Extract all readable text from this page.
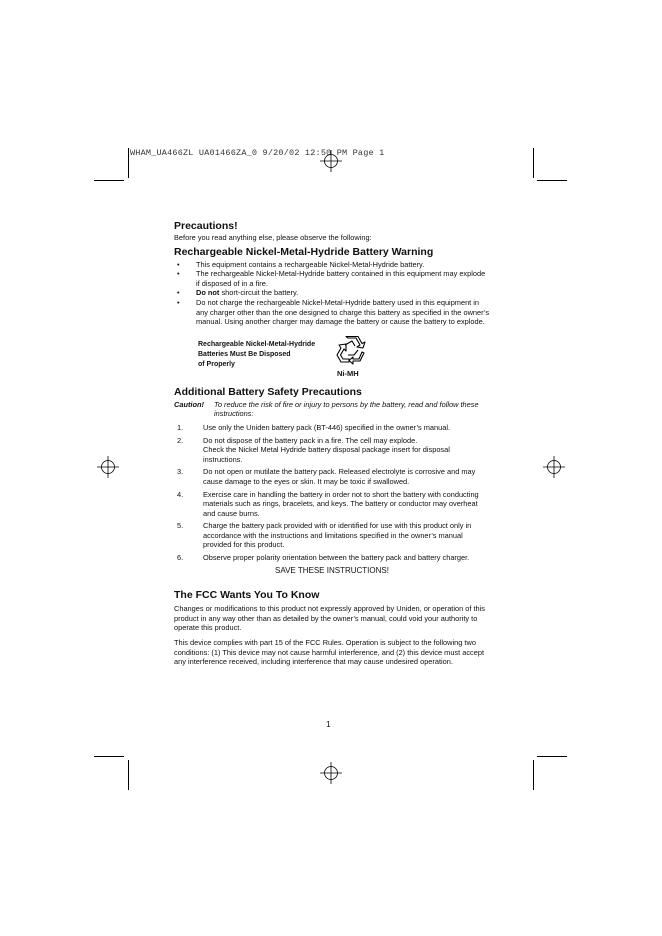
WHAM_UA466ZL UA01466ZA_0 9/20/02 12:50 PM Page 1
Precautions!

Before you read anything else, please observe the following:

Rechargeable Nickel-Metal-Hydride Battery Warning
• This equipment contains a rechargeable Nickel-Metal-Hydride battery.
• The rechargeable Nickel-Metal-Hydride battery contained in this equipment may explode if disposed of in a fire.
• Do not short-circuit the battery.
• Do not charge the rechargeable Nickel-Metal-Hydride battery used in this equipment in any charger other than the one designed to charge this battery as specified in the owner’s manual. Using another charger may damage the battery or cause the battery to explode.
Rechargeable Nickel-Metal-Hydride
Batteries Must Be Disposed
of Properly
Ni-MH
Additional Battery Safety Precautions
Caution! To reduce the risk of fire or injury to persons by the battery, read and follow these instructions:

1.	Use only the Uniden battery pack (BT-446) specified in the owner’s manual.
2.	Do not dispose of the battery pack in a fire. The cell may explode.
Check the Nickel Metal Hydride battery disposal package insert for disposal instructions.
3.	Do not open or mutilate the battery pack. Released electrolyte is corrosive and may cause damage to the eyes or skin. It may be toxic if swallowed.
4.	Exercise care in handling the battery in order not to short the battery with conducting materials such as rings, bracelets, and keys. The battery or conductor may overheat and cause burns.
5.	Charge the battery pack provided with or identified for use with this product only in accordance with the instructions and limitations specified in the owner’s manual provided for this product.
6.	Observe proper polarity orientation between the battery pack and battery charger.
SAVE THESE INSTRUCTIONS!
The FCC Wants You To Know

Changes or modifications to this product not expressly approved by Uniden, or operation of this product in any way other than as detailed by the owner’s manual, could void your authority to operate this product.

This device complies with part 15 of the FCC Rules. Operation is subject to the following two conditions: (1) This device may not cause harmful interference, and (2) this device must accept any interference received, including interference that may cause undesired operation.

1
